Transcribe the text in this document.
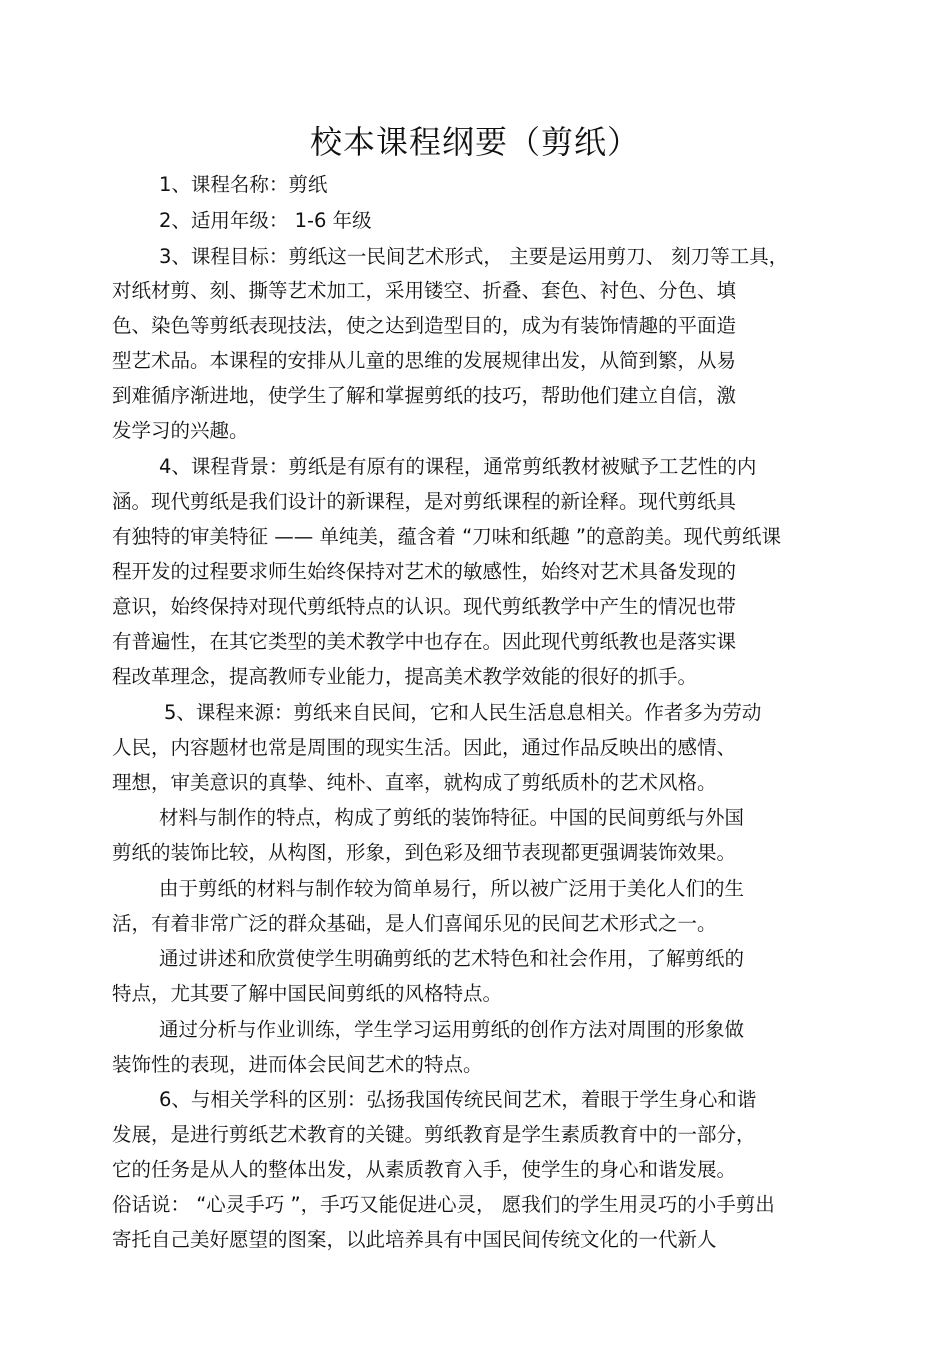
校本课程纲要（剪纸）
1、课程名称：剪纸
2、适用年级： 1-6 年级
3、课程目标：剪纸这一民间艺术形式， 主要是运用剪刀、 刻刀等工具，
对纸材剪、刻、撕等艺术加工，采用镂空、折叠、套色、衬色、分色、填
色、染色等剪纸表现技法，使之达到造型目的，成为有装饰情趣的平面造
型艺术品。本课程的安排从儿童的思维的发展规律出发，从简到繁，从易
到难循序渐进地，使学生了解和掌握剪纸的技巧，帮助他们建立自信，激
发学习的兴趣。
4、课程背景：剪纸是有原有的课程，通常剪纸教材被赋予工艺性的内
涵。现代剪纸是我们设计的新课程，是对剪纸课程的新诠释。现代剪纸具
有独特的审美特征 —— 单纯美，蕴含着 “刀味和纸趣 ”的意韵美。现代剪纸课
程开发的过程要求师生始终保持对艺术的敏感性，始终对艺术具备发现的
意识，始终保持对现代剪纸特点的认识。现代剪纸教学中产生的情况也带
有普遍性，在其它类型的美术教学中也存在。因此现代剪纸教也是落实课
程改革理念，提高教师专业能力，提高美术教学效能的很好的抓手。
5、课程来源：剪纸来自民间，它和人民生活息息相关。作者多为劳动
人民，内容题材也常是周围的现实生活。因此，通过作品反映出的感情、
理想，审美意识的真挚、纯朴、直率，就构成了剪纸质朴的艺术风格。
材料与制作的特点，构成了剪纸的装饰特征。中国的民间剪纸与外国
剪纸的装饰比较，从构图，形象，到色彩及细节表现都更强调装饰效果。
由于剪纸的材料与制作较为简单易行，所以被广泛用于美化人们的生
活，有着非常广泛的群众基础，是人们喜闻乐见的民间艺术形式之一。
通过讲述和欣赏使学生明确剪纸的艺术特色和社会作用，了解剪纸的
特点，尤其要了解中国民间剪纸的风格特点。
通过分析与作业训练，学生学习运用剪纸的创作方法对周围的形象做
装饰性的表现，进而体会民间艺术的特点。
6、与相关学科的区别：弘扬我国传统民间艺术，着眼于学生身心和谐
发展，是进行剪纸艺术教育的关键。剪纸教育是学生素质教育中的一部分，
它的任务是从人的整体出发，从素质教育入手，使学生的身心和谐发展。
俗话说： “心灵手巧 ”，手巧又能促进心灵， 愿我们的学生用灵巧的小手剪出
寄托自己美好愿望的图案，以此培养具有中国民间传统文化的一代新人
